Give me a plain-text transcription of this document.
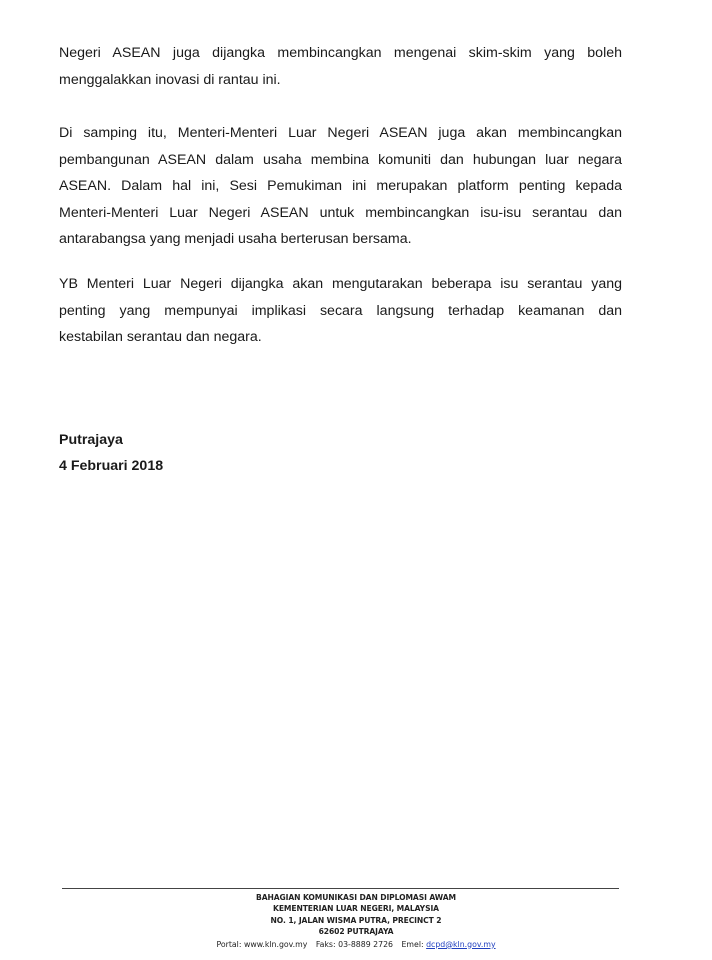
Negeri ASEAN juga dijangka membincangkan mengenai skim-skim yang boleh
menggalakkan inovasi di rantau ini.

Di samping itu, Menteri-Menteri Luar Negeri ASEAN juga akan membincangkan
pembangunan ASEAN dalam usaha membina komuniti dan hubungan luar negara
ASEAN. Dalam hal ini, Sesi Pemukiman ini merupakan platform penting kepada
Menteri-Menteri Luar Negeri ASEAN untuk membincangkan isu-isu serantau dan
antarabangsa yang menjadi usaha berterusan bersama.

YB Menteri Luar Negeri dijangka akan mengutarakan beberapa isu serantau yang
penting yang mempunyai implikasi secara langsung terhadap keamanan dan
kestabilan serantau dan negara.

Putrajaya

4 Februari 2018

BAHAGIAN KOMUNIKASI DAN DIPLOMASI AWAM
KEMENTERIAN LUAR NEGERI, MALAYSIA
NO. 1, JALAN WISMA PUTRA, PRECINCT 2
62602 PUTRAJAYA
Portal: www.kln.gov.my Faks: 03-8889 2726 Emel: dcpd@kln.gov.my
